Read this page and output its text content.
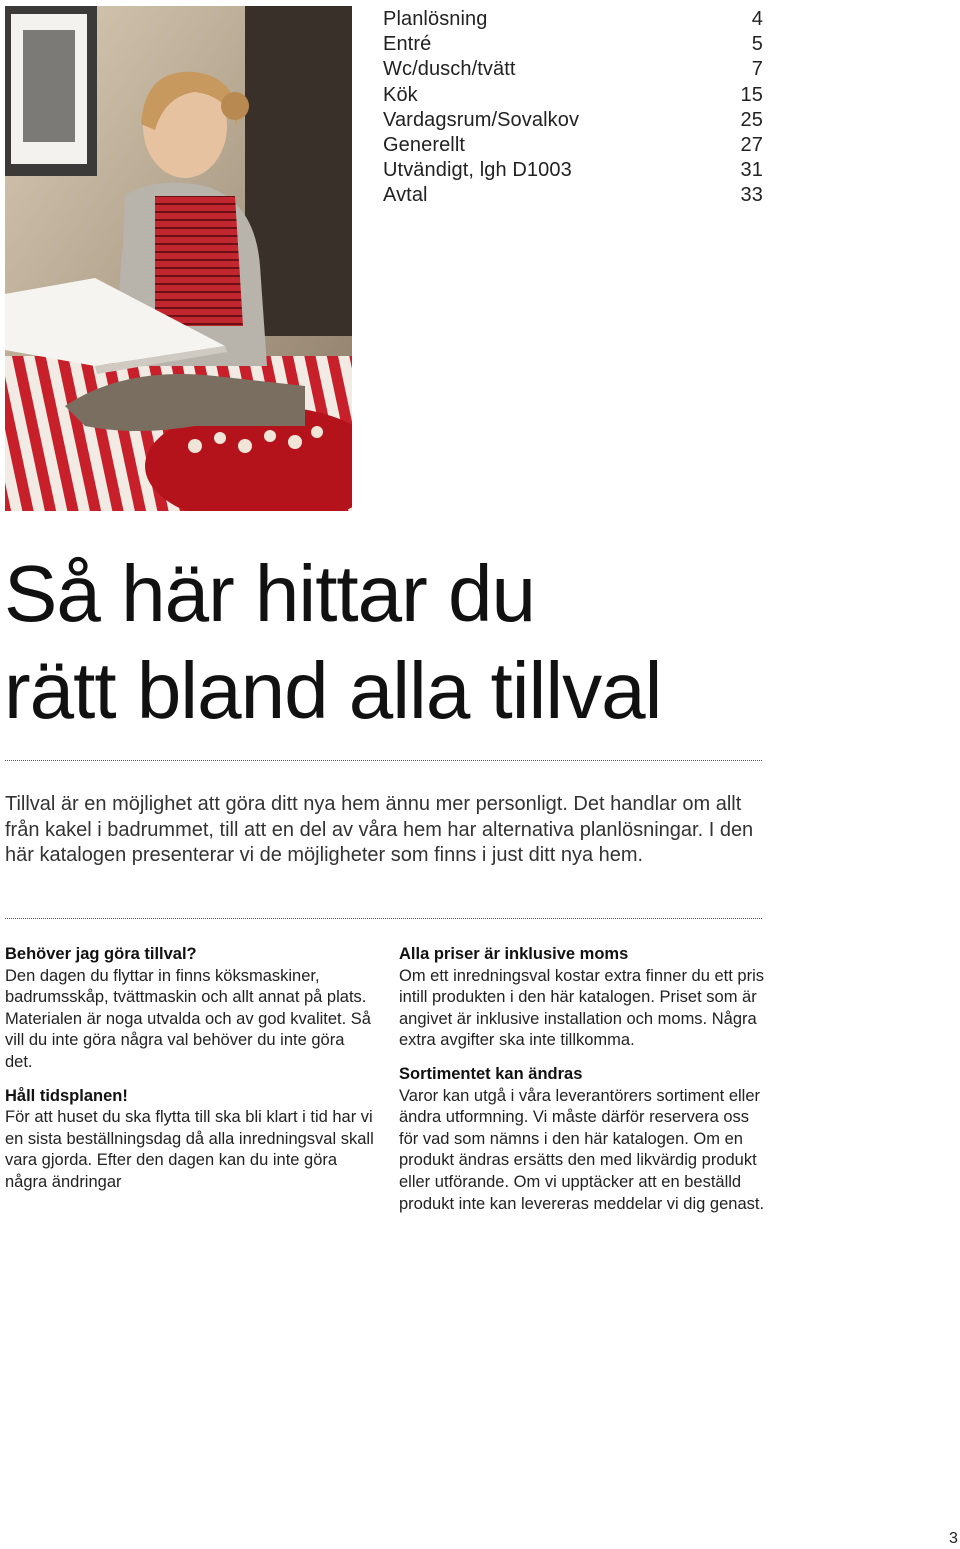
Planlösning	4
Entré	5
Wc/dusch/tvätt	7
Kök	15
Vardagsrum/Sovalkov	25
Generellt	27
Utvändigt, lgh D1003	31
Avtal	33
Så här hittar du
rätt bland alla tillval

Tillval är en möjlighet att göra ditt nya hem ännu mer personligt. Det handlar om allt från kakel i badrummet, till att en del av våra hem har alternativa planlösningar. I den här katalogen presenterar vi de möjligheter som finns i just ditt nya hem.

Behöver jag göra tillval?

Den dagen du flyttar in finns köksmaskiner, badrumsskåp, tvättmaskin och allt annat på plats. Materialen är noga utvalda och av god kvalitet. Så vill du inte göra några val behöver du inte göra det.

Håll tidsplanen!

För att huset du ska flytta till ska bli klart i tid har vi en sista beställningsdag då alla inredningsval skall vara gjorda. Efter den dagen kan du inte göra några ändringar

Alla priser är inklusive moms

Om ett inredningsval kostar extra finner du ett pris intill produkten i den här katalogen. Priset som är angivet är inklusive installation och moms. Några extra avgifter ska inte tillkomma.

Sortimentet kan ändras

Varor kan utgå i våra leverantörers sortiment eller ändra utformning. Vi måste därför reservera oss för vad som nämns i den här katalogen. Om en produkt ändras ersätts den med likvärdig produkt eller utförande. Om vi upptäcker att en beställd produkt inte kan levereras meddelar vi dig genast.

3
